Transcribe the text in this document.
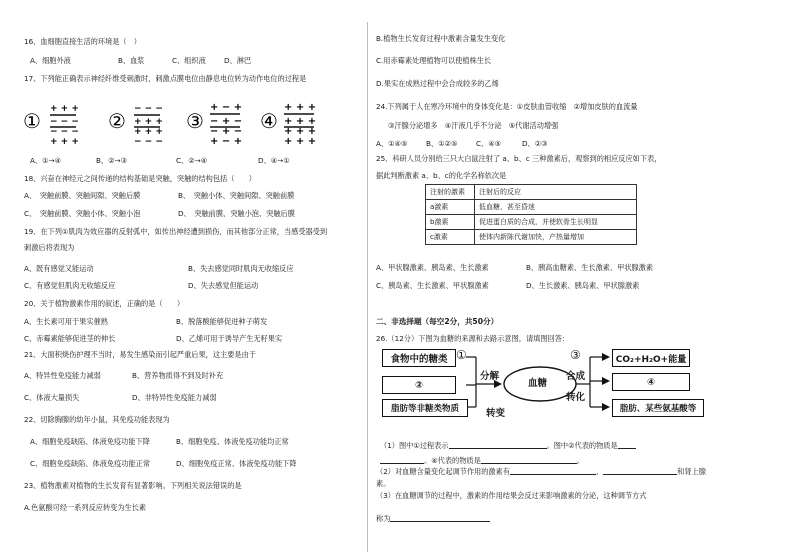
16、血细胞直接生活的环境是（　）
A、细胞外液	B、血浆	C、组织液	D、淋巴
17、下列能正确表示神经纤维受刺激时，刺激点膜电位由静息电位转为动作电位的过程是
① + + +
− − −
− − −
+ + +
② − − −
+ + +
+ + +
− − −
③
+ − +
− + −
− + −
+ − +
④
+ + +
+ + +
+ + +
+ + +
A、①→④	B、②→③	C、②→④	D、④→①
18、兴奋在神经元之间传递的结构基础是突触，突触的结构包括（　　）
A、　突触前膜、突触间隙、突触后膜	B、　突触小体、突触间隙、突触前膜
C、　突触前膜、突触小体、突触小泡	D、　突触前膜、突触小泡、突触后膜
19、在下列①肌肉为效应器的反射弧中，如传出神经遭到损伤，而其他部分正常，当感受器受到
刺激后将表现为
A、既有感觉又能运动	B、失去感觉同时肌肉无收缩反应
C、有感觉但肌肉无收缩反应	D、失去感觉但能运动
20、关于植物激素作用的叙述，正确的是（　　）
A、生长素可用于果实催熟	B、脱落酸能够促进种子萌发
C、赤霉素能够促进茎的伸长	D、乙烯可用于诱导产生无籽果实
21、大面积烧伤护理不当时，易发生感染而引起严重后果，这主要是由于
A、特异性免疫能力减弱	B、营养物质得不到及时补充
C、体液大量损失	D、非特异性免疫能力减弱
22、切除胸腺的幼年小鼠，其免疫功能表现为
A、细胞免疫缺陷、体液免疫功能下降	B、细胞免疫、体液免疫功能均正常
C、细胞免疫缺陷、体液免疫功能正常	D、细胞免疫正常、体液免疫功能下降
23、植物激素对植物的生长发育有显著影响。下列相关说法错误的是
A.色氨酸可经一系列反应转变为生长素
B.植物生长发育过程中激素含量发生变化
C.用赤霉素处理植物可以使植株生长
D.果实在成熟过程中会合成较多的乙烯
24.下列属于人在寒冷环境中的身体变化是：①皮肤血管收缩　②增加皮肤的血流量
③汗腺分泌增多　④汗液几乎不分泌　⑤代谢活动增强
A、①④⑤	B、①②⑤	C、④⑤	D、②③
25、科研人员分别给三只大白鼠注射了 a、b、c 三种激素后，观察到的相应反应如下表，
据此判断激素 a、b、c的化学名称依次是
注射的激素	注射后的反应
a激素	低血糖，甚至昏迷
b激素	促进蛋白质的合成，并使软骨生长明显
c激素	使体内新陈代谢加快，产热量增加
A、甲状腺激素、胰岛素、生长激素	B、胰高血糖素、生长激素、甲状腺激素
C、胰岛素、生长激素、甲状腺激素	D、生长激素、胰岛素、甲状腺激素
二、非选择题（每空2分，共50分）
26.（12分）下图为血糖的来源和去路示意图，请填图回答：
食物中的糖类 ①
②
脂肪等非糖类物质
分解
转变
血糖
合成
转化
③	CO₂+H₂O+能量
④
脂肪、某些氨基酸等
（1）图中①过程表示	。图中②代表的物质是
。④代表的物质是	。
（2）对血糖含量变化起调节作用的激素有	、	和肾上腺
素。
（3）在血糖调节的过程中，激素的作用结果会反过来影响激素的分泌，这种调节方式
称为
